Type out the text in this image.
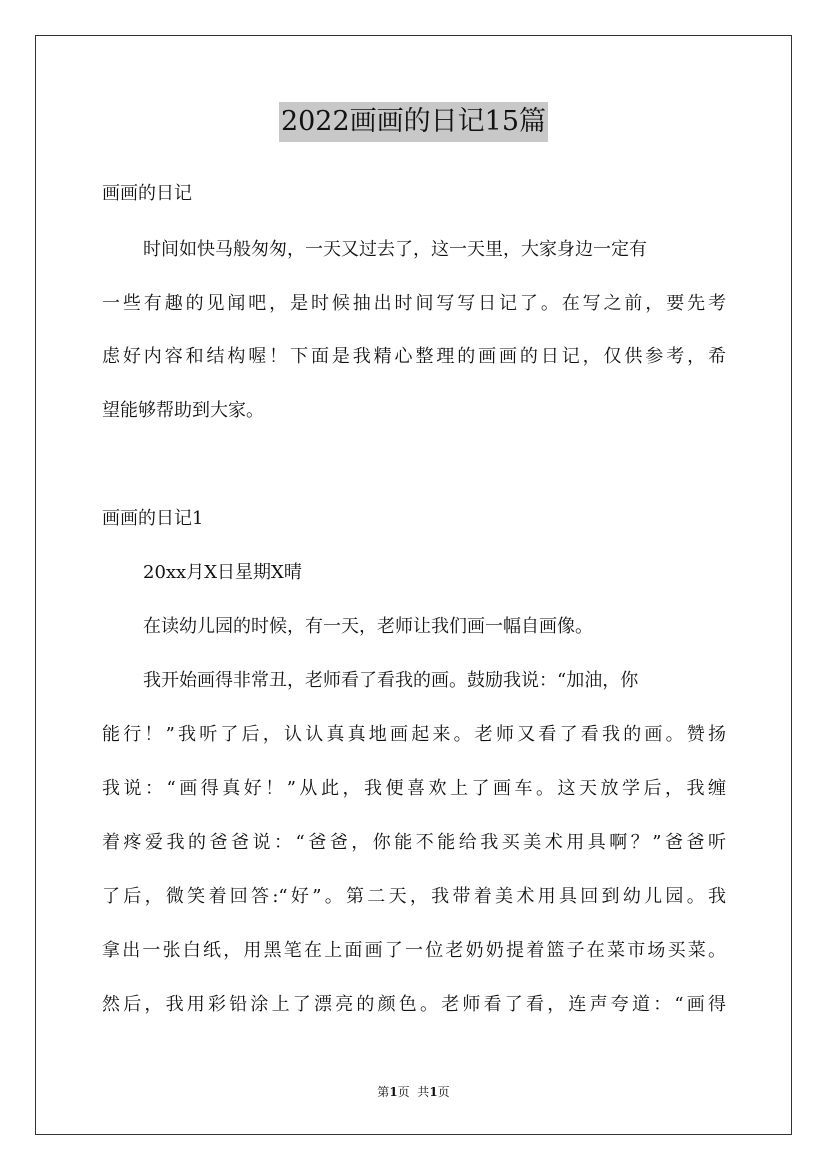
2022画画的日记15篇
画画的日记
时间如快马般匆匆，一天又过去了，这一天里，大家身边一定有
一些有趣的见闻吧，是时候抽出时间写写日记了。在写之前，要先考
虑好内容和结构喔！下面是我精心整理的画画的日记，仅供参考，希
望能够帮助到大家。
画画的日记1
20xx月X日星期X晴
在读幼儿园的时候，有一天，老师让我们画一幅自画像。
我开始画得非常丑，老师看了看我的画。鼓励我说：“加油，你
能行！”我听了后，认认真真地画起来。老师又看了看我的画。赞扬
我说：“画得真好！”从此，我便喜欢上了画车。这天放学后，我缠
着疼爱我的爸爸说：“爸爸，你能不能给我买美术用具啊？”爸爸听
了后，微笑着回答:“好”。第二天，我带着美术用具回到幼儿园。我
拿出一张白纸，用黑笔在上面画了一位老奶奶提着篮子在菜市场买菜。
然后，我用彩铅涂上了漂亮的颜色。老师看了看，连声夸道：“画得
第1页  共1页
